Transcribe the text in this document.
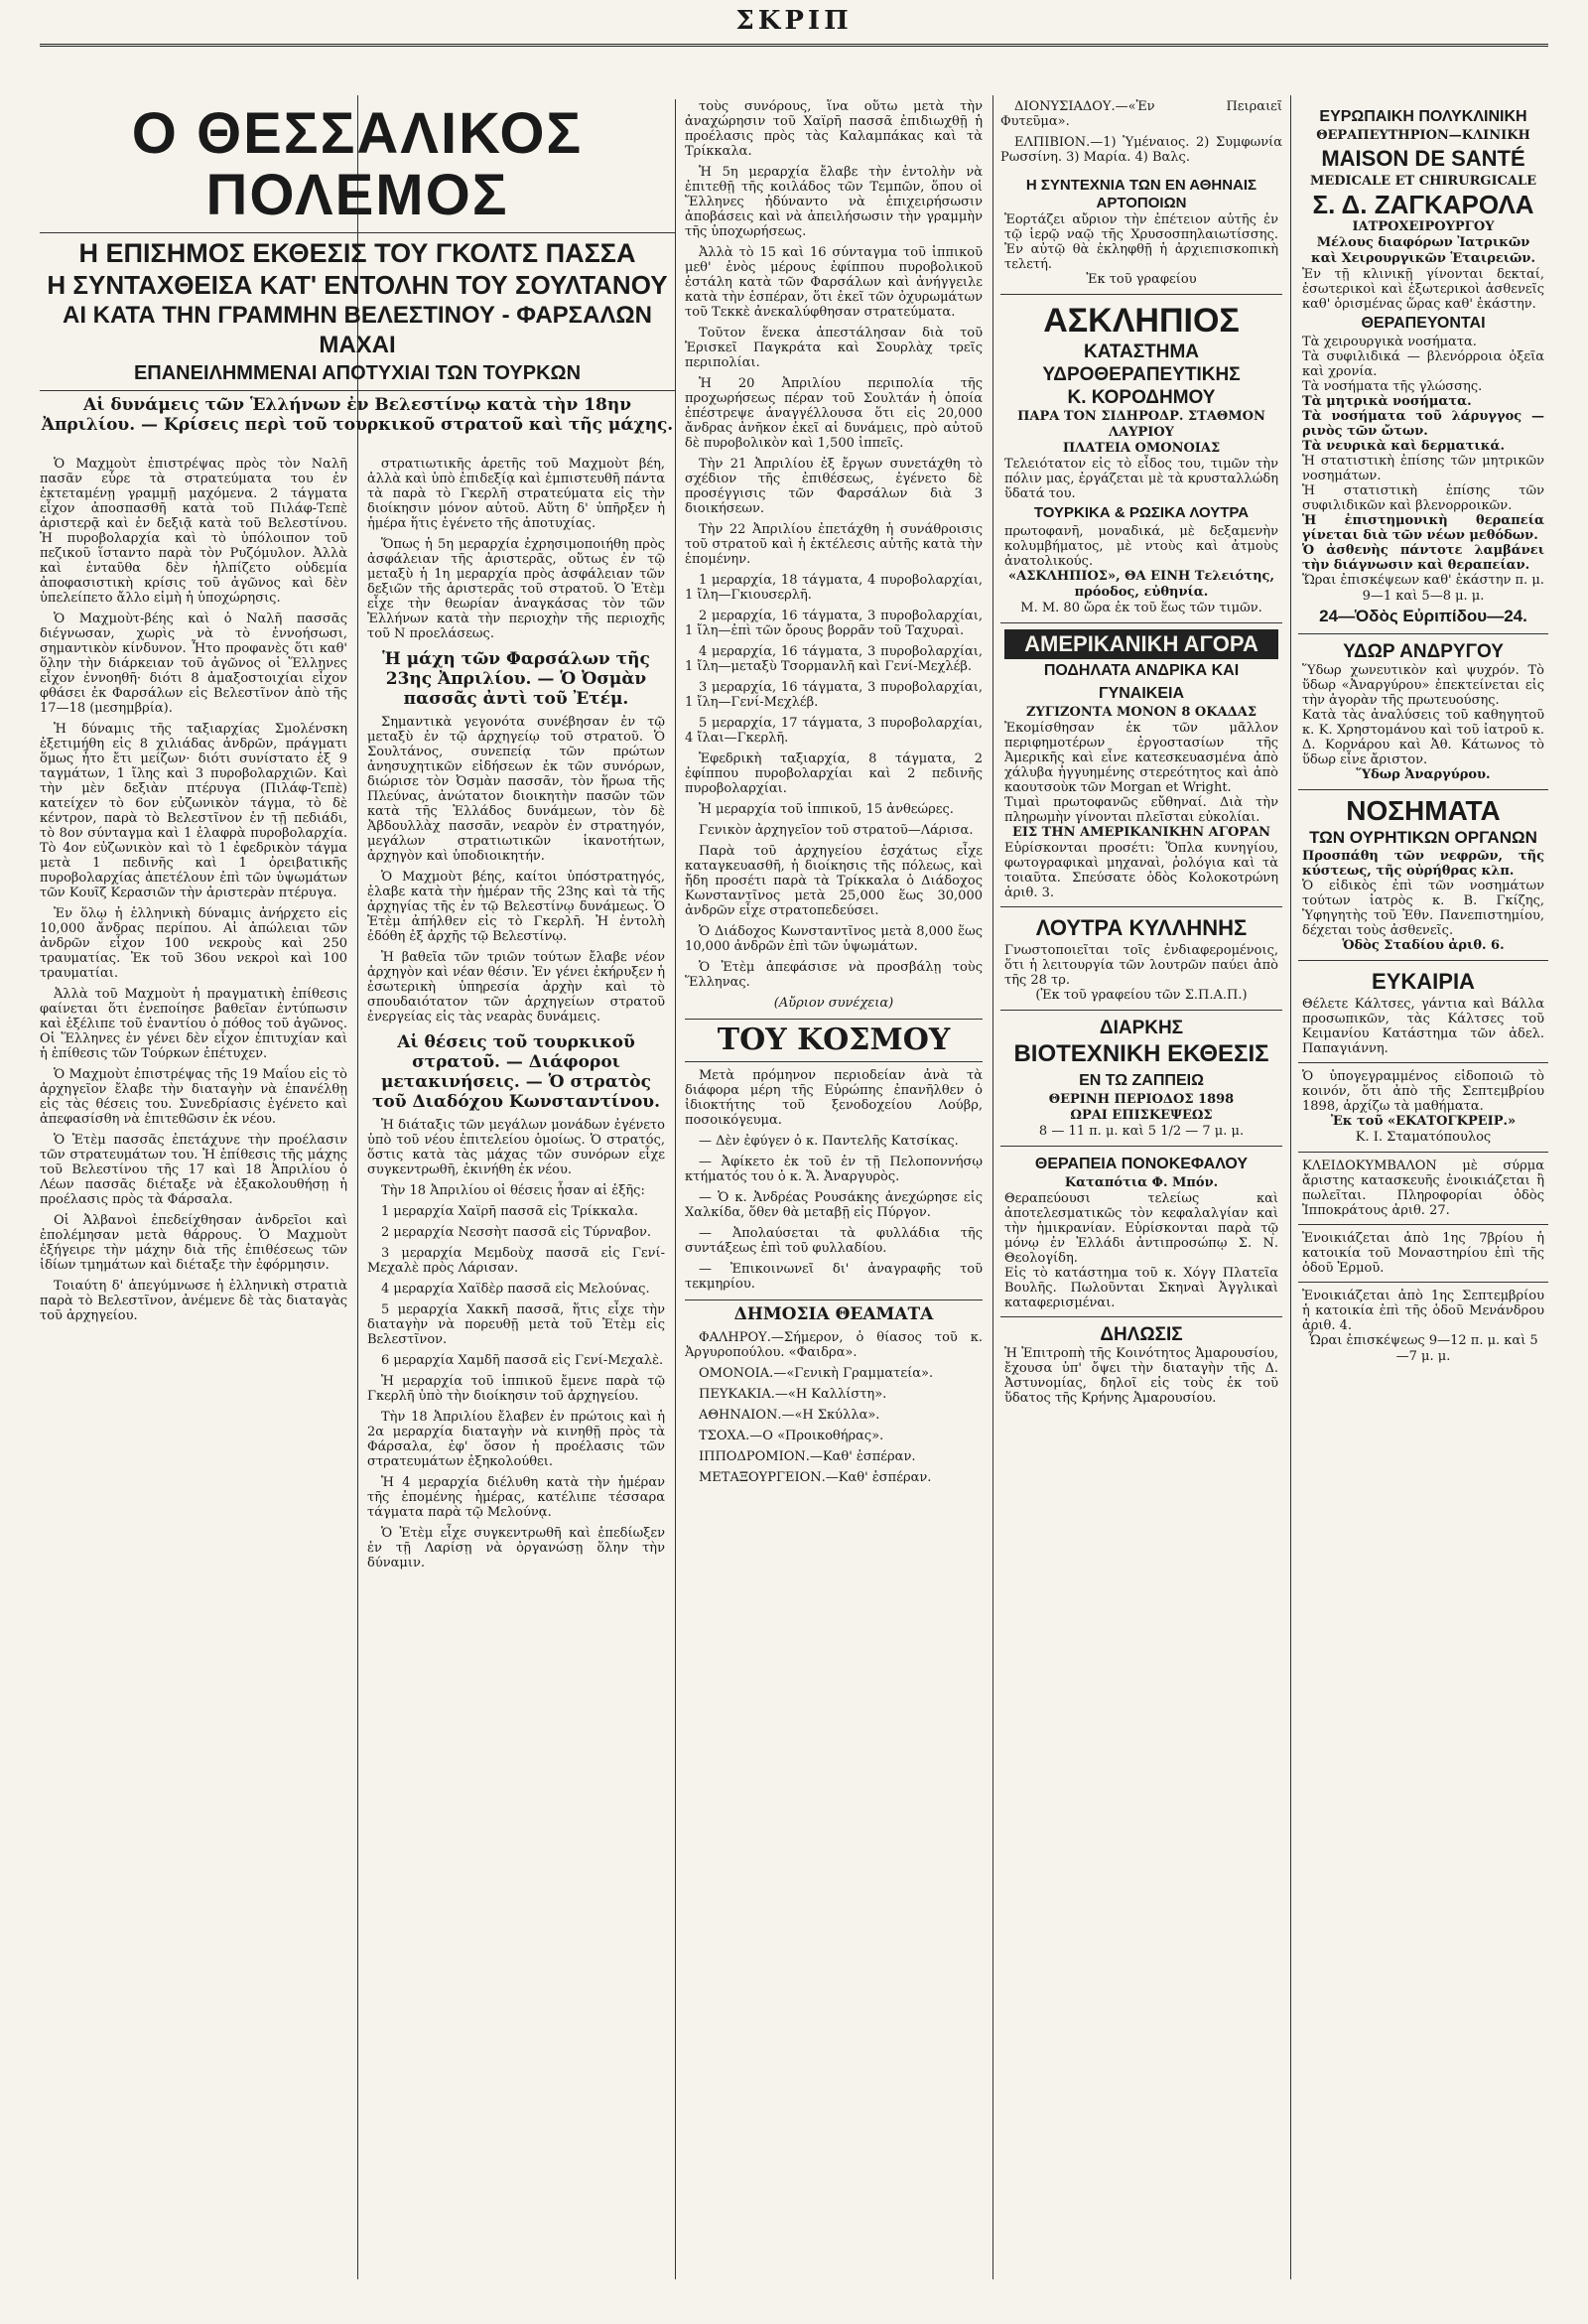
ΣΚΡΙΠ
Ο ΘΕΣΣΑΛΙΚΟΣ ΠΟΛΕΜΟΣ
Η ΕΠΙΣΗΜΟΣ ΕΚΘΕΣΙΣ ΤΟΥ ΓΚΟΛΤΣ ΠΑΣΣΑ
Η ΣΥΝΤΑΧΘΕΙΣΑ ΚΑΤ' ΕΝΤΟΛΗΝ ΤΟΥ ΣΟΥΛΤΑΝΟΥ
ΑΙ ΚΑΤΑ ΤΗΝ ΓΡΑΜΜΗΝ ΒΕΛΕΣΤΙΝΟΥ - ΦΑΡΣΑΛΩΝ ΜΑΧΑΙ
ΕΠΑΝΕΙΛΗΜΜΕΝΑΙ ΑΠΟΤΥΧΙΑΙ ΤΩΝ ΤΟΥΡΚΩΝ
Αἱ δυνάμεις τῶν Ἑλλήνων ἐν Βελεστίνῳ κατὰ τὴν 18ην Ἀπριλίου. — Κρίσεις περὶ τοῦ τουρκικοῦ στρατοῦ καὶ τῆς μάχης.

Ὁ Μαχμοὺτ ἐπιστρέψας πρὸς τὸν Ναλῆ πασᾶν εὗρε τὰ στρατεύματα του ἐν ἐκτεταμένῃ γραμμῇ μαχόμενα. 2 τάγματα εἶχον ἀποσπασθῆ κατὰ τοῦ Πιλάφ-Τεπὲ ἀριστερᾷ καὶ ἐν δεξιᾷ κατὰ τοῦ Βελεστίνου. Ἡ πυροβολαρχία καὶ τὸ ὑπόλοιπον τοῦ πεζικοῦ ἵσταντο παρὰ τὸν Ρυζόμυλον. Ἀλλὰ καὶ ἐνταῦθα δὲν ἠλπίζετο οὐδεμία ἀποφασιστικὴ κρίσις τοῦ ἀγῶνος καὶ δὲν ὑπελείπετο ἄλλο εἰμὴ ἡ ὑποχώρησις.

Ὁ Μαχμοὺτ-βέης καὶ ὁ Ναλῆ πασσᾶς διέγνωσαν, χωρὶς νὰ τὸ ἐννοήσωσι, σημαντικὸν κίνδυνον. Ἦτο προφανὲς ὅτι καθ' ὅλην τὴν διάρκειαν τοῦ ἀγῶνος οἱ Ἕλληνες εἶχον ἐννοηθῆ· διότι 8 ἀμαξοστοιχίαι εἶχον φθάσει ἐκ Φαρσάλων εἰς Βελεστῖνον ἀπὸ τῆς 17—18 (μεσημβρία).

Ἡ δύναμις τῆς ταξιαρχίας Σμολένσκη ἐξετιμήθη εἰς 8 χιλιάδας ἀνδρῶν, πράγματι ὅμως ἦτο ἔτι μείζων· διότι συνίστατο ἐξ 9 ταγμάτων, 1 ἴλης καὶ 3 πυροβολαρχιῶν. Καὶ τὴν μὲν δεξιὰν πτέρυγα (Πιλάφ-Τεπὲ) κατείχεν τὸ 6ον εὐζωνικὸν τάγμα, τὸ δὲ κέντρον, παρὰ τὸ Βελεστῖνον ἐν τῇ πεδιάδι, τὸ 8ον σύνταγμα καὶ 1 ἐλαφρὰ πυροβολαρχία. Τὸ 4ον εὐζωνικὸν καὶ τὸ 1 ἐφεδρικὸν τάγμα μετὰ 1 πεδινῆς καὶ 1 ὀρειβατικῆς πυροβολαρχίας ἀπετέλουν ἐπὶ τῶν ὑψωμάτων τῶν Κουῖζ Κερασιῶν τὴν ἀριστερὰν πτέρυγα.

Ἐν ὅλῳ ἡ ἑλληνικὴ δύναμις ἀνήρχετο εἰς 10,000 ἄνδρας περίπου. Αἱ ἀπώλειαι τῶν ἀνδρῶν εἶχον 100 νεκροὺς καὶ 250 τραυματίας. Ἐκ τοῦ 36ου νεκροὶ καὶ 100 τραυματίαι.

Ἀλλὰ τοῦ Μαχμοὺτ ἡ πραγματικὴ ἐπίθεσις φαίνεται ὅτι ἐνεποίησε βαθεῖαν ἐντύπωσιν καὶ ἐξέλιπε τοῦ ἐναντίου ὁ πόθος τοῦ ἀγῶνος. Οἱ Ἕλληνες ἐν γένει δὲν εἶχον ἐπιτυχίαν καὶ ἡ ἐπίθεσις τῶν Τούρκων ἐπέτυχεν.

Ὁ Μαχμοὺτ ἐπιστρέψας τῆς 19 Μαΐου εἰς τὸ ἀρχηγεῖον ἔλαβε τὴν διαταγὴν νὰ ἐπανέλθῃ εἰς τὰς θέσεις του. Συνεδρίασις ἐγένετο καὶ ἀπεφασίσθη νὰ ἐπιτεθῶσιν ἐκ νέου.

Ὁ Ἐτὲμ πασσᾶς ἐπετάχυνε τὴν προέλασιν τῶν στρατευμάτων του. Ἡ ἐπίθεσις τῆς μάχης τοῦ Βελεστίνου τῆς 17 καὶ 18 Ἀπριλίου ὁ Λέων πασσᾶς διέταξε νὰ ἐξακολουθήσῃ ἡ προέλασις πρὸς τὰ Φάρσαλα.

Οἱ Ἀλβανοὶ ἐπεδείχθησαν ἀνδρεῖοι καὶ ἐπολέμησαν μετὰ θάρρους. Ὁ Μαχμοὺτ ἐξήγειρε τὴν μάχην διὰ τῆς ἐπιθέσεως τῶν ἰδίων τμημάτων καὶ διέταξε τὴν ἐφόρμησιν.

Τοιαύτη δ' ἀπεγύμνωσε ἡ ἑλληνικὴ στρατιὰ παρὰ τὸ Βελεστῖνον, ἀνέμενε δὲ τὰς διαταγὰς τοῦ ἀρχηγείου.

στρατιωτικῆς ἀρετῆς τοῦ Μαχμοὺτ βέη, ἀλλὰ καὶ ὑπὸ ἐπιδεξίᾳ καὶ ἐμπιστευθῆ πάντα τὰ παρὰ τὸ Γκερλῆ στρατεύματα εἰς τὴν διοίκησιν μόνον αὐτοῦ. Αὕτη δ' ὑπῆρξεν ἡ ἡμέρα ἥτις ἐγένετο τῆς ἀποτυχίας.

Ὅπως ἡ 5η μεραρχία ἐχρησιμοποιήθη πρὸς ἀσφάλειαν τῆς ἀριστερᾶς, οὕτως ἐν τῷ μεταξὺ ἡ 1η μεραρχία πρὸς ἀσφάλειαν τῶν δεξιῶν τῆς ἀριστερᾶς τοῦ στρατοῦ. Ὁ Ἐτὲμ εἶχε τὴν θεωρίαν ἀναγκάσας τὸν τῶν Ἑλλήνων κατὰ τὴν περιοχὴν τῆς περιοχῆς τοῦ Ν προελάσεως.

Ἡ μάχη τῶν Φαρσάλων τῆς 23ης Ἀπριλίου. — Ὁ Ὀσμὰν πασσᾶς ἀντὶ τοῦ Ἐτέμ.

Σημαντικὰ γεγονότα συνέβησαν ἐν τῷ μεταξὺ ἐν τῷ ἀρχηγείῳ τοῦ στρατοῦ. Ὁ Σουλτάνος, συνεπείᾳ τῶν πρώτων ἀνησυχητικῶν εἰδήσεων ἐκ τῶν συνόρων, διώρισε τὸν Ὀσμὰν πασσᾶν, τὸν ἥρωα τῆς Πλεύνας, ἀνώτατον διοικητὴν πασῶν τῶν κατὰ τῆς Ἑλλάδος δυνάμεων, τὸν δὲ Ἀβδουλλὰχ πασσᾶν, νεαρὸν ἐν στρατηγόν, μεγάλων στρατιωτικῶν ἱκανοτήτων, ἀρχηγὸν καὶ ὑποδιοικητήν.

Ὁ Μαχμοὺτ βέης, καίτοι ὑπόστρατηγός, ἐλαβε κατὰ τὴν ἡμέραν τῆς 23ης καὶ τὰ τῆς ἀρχηγίας τῆς ἐν τῷ Βελεστίνῳ δυνάμεως. Ὁ Ἐτὲμ ἀπήλθεν εἰς τὸ Γκερλῆ. Ἡ ἐντολὴ ἐδόθη ἐξ ἀρχῆς τῷ Βελεστίνῳ.

Ἡ βαθεῖα τῶν τριῶν τούτων ἔλαβε νέον ἀρχηγὸν καὶ νέαν θέσιν. Ἐν γένει ἐκήρυξεν ἡ ἐσωτερικὴ ὑπηρεσία ἀρχὴν καὶ τὸ σπουδαιότατον τῶν ἀρχηγείων στρατοῦ ἐνεργείας εἰς τὰς νεαρὰς δυνάμεις.

Αἱ θέσεις τοῦ τουρκικοῦ στρατοῦ. — Διάφοροι μετακινήσεις. — Ὁ στρατὸς τοῦ Διαδόχου Κωνσταντίνου.

Ἡ διάταξις τῶν μεγάλων μονάδων ἐγένετο ὑπὸ τοῦ νέου ἐπιτελείου ὁμοίως. Ὁ στρατός, ὅστις κατὰ τὰς μάχας τῶν συνόρων εἶχε συγκεντρωθῆ, ἐκινήθη ἐκ νέου.

Τὴν 18 Ἀπριλίου οἱ θέσεις ἦσαν αἱ ἑξῆς:

1 μεραρχία Χαϊρῆ πασσᾶ εἰς Τρίκκαλα.

2 μεραρχία Νεσσὴτ πασσᾶ εἰς Τύρναβον.

3 μεραρχία Μεμδοὺχ πασσᾶ εἰς Γενί-Μεχαλὲ πρὸς Λάρισαν.

4 μεραρχία Χαϊδὲρ πασσᾶ εἰς Μελούνας.

5 μεραρχία Χακκῆ πασσᾶ, ἥτις εἶχε τὴν διαταγὴν νὰ πορευθῇ μετὰ τοῦ Ἐτὲμ εἰς Βελεστῖνον.

6 μεραρχία Χαμδῆ πασσᾶ εἰς Γενί-Μεχαλὲ.

Ἡ μεραρχία τοῦ ἱππικοῦ ἔμενε παρὰ τῷ Γκερλῆ ὑπὸ τὴν διοίκησιν τοῦ ἀρχηγείου.

Τὴν 18 Ἀπριλίου ἔλαβεν ἐν πρώτοις καὶ ἡ 2α μεραρχία διαταγὴν νὰ κινηθῇ πρὸς τὰ Φάρσαλα, ἐφ' ὅσον ἡ προέλασις τῶν στρατευμάτων ἐξηκολούθει.

Ἡ 4 μεραρχία διέλυθη κατὰ τὴν ἡμέραν τῆς ἐπομένης ἡμέρας, κατέλιπε τέσσαρα τάγματα παρὰ τῷ Μελούνᾳ.

Ὁ Ἐτὲμ εἶχε συγκεντρωθῆ καὶ ἐπεδίωξεν ἐν τῇ Λαρίσῃ νὰ ὀργανώσῃ ὅλην τὴν δύναμιν.

τοὺς συνόρους, ἵνα οὕτω μετὰ τὴν ἀναχώρησιν τοῦ Χαϊρῆ πασσᾶ ἐπιδιωχθῇ ἡ προέλασις πρὸς τὰς Καλαμπάκας καὶ τὰ Τρίκκαλα.

Ἡ 5η μεραρχία ἔλαβε τὴν ἐντολὴν νὰ ἐπιτεθῇ τῆς κοιλάδος τῶν Τεμπῶν, ὅπου οἱ Ἕλληνες ἠδύναντο νὰ ἐπιχειρήσωσιν ἀποβάσεις καὶ νὰ ἀπειλήσωσιν τὴν γραμμὴν τῆς ὑποχωρήσεως.

Ἀλλὰ τὸ 15 καὶ 16 σύνταγμα τοῦ ἱππικοῦ μεθ' ἑνὸς μέρους ἐφίππου πυροβολικοῦ ἐστάλη κατὰ τῶν Φαρσάλων καὶ ἀνήγγειλε κατὰ τὴν ἑσπέραν, ὅτι ἐκεῖ τῶν ὀχυρωμάτων τοῦ Τεκκὲ ἀνεκαλύφθησαν στρατεύματα.

Τοῦτον ἕνεκα ἀπεστάλησαν διὰ τοῦ Ἐρισκεῖ Παγκράτα καὶ Σουρλὰχ τρεῖς περιπολίαι.

Ἡ 20 Ἀπριλίου περιπολία τῆς προχωρήσεως πέραν τοῦ Σουλτάν ἡ ὁποία ἐπέστρεψε ἀναγγέλλουσα ὅτι εἰς 20,000 ἄνδρας ἀνῆκον ἐκεῖ αἱ δυνάμεις, πρὸ αὐτοῦ δὲ πυροβολικὸν καὶ 1,500 ἱππεῖς.

Τὴν 21 Ἀπριλίου ἐξ ἔργων συνετάχθη τὸ σχέδιον τῆς ἐπιθέσεως, ἐγένετο δὲ προσέγγισις τῶν Φαρσάλων διὰ 3 διοικήσεων.

Τὴν 22 Ἀπριλίου ἐπετάχθη ἡ συνάθροισις τοῦ στρατοῦ καὶ ἡ ἐκτέλεσις αὐτῆς κατὰ τὴν ἑπομένην.

1 μεραρχία, 18 τάγματα, 4 πυροβολαρχίαι, 1 ἴλη—Γκιουσερλῆ.

2 μεραρχία, 16 τάγματα, 3 πυροβολαρχίαι, 1 ἴλη—ἐπὶ τῶν ὄρους βορρᾶν τοῦ Ταχυραὶ.

4 μεραρχία, 16 τάγματα, 3 πυροβολαρχίαι, 1 ἴλη—μεταξὺ Τσορμανλῆ καὶ Γενί-Μεχλέβ.

3 μεραρχία, 16 τάγματα, 3 πυροβολαρχίαι, 1 ἴλη—Γενί-Μεχλέβ.

5 μεραρχία, 17 τάγματα, 3 πυροβολαρχίαι, 4 ἴλαι—Γκερλῆ.

Ἐφεδρικὴ ταξιαρχία, 8 τάγματα, 2 ἐφίππου πυροβολαρχίαι καὶ 2 πεδινῆς πυροβολαρχίαι.

Ἡ μεραρχία τοῦ ἱππικοῦ, 15 ἀνθεώρες.

Γενικὸν ἀρχηγεῖον τοῦ στρατοῦ—Λάρισα.

Παρὰ τοῦ ἀρχηγείου ἐσχάτως εἶχε καταγκευασθῆ, ἡ διοίκησις τῆς πόλεως, καὶ ἤδη προσέτι παρὰ τὰ Τρίκκαλα ὁ Διάδοχος Κωνσταντῖνος μετὰ 25,000 ἕως 30,000 ἀνδρῶν εἶχε στρατοπεδεύσει.

Ὁ Διάδοχος Κωνσταντῖνος μετὰ 8,000 ἕως 10,000 ἀνδρῶν ἐπὶ τῶν ὑψωμάτων.

Ὁ Ἐτὲμ ἀπεφάσισε νὰ προσβάλῃ τοὺς Ἕλληνας.

(Αὔριον συνέχεια)
ΤΟΥ ΚΟΣΜΟΥ

Μετὰ πρόμηνον περιοδείαν ἀνὰ τὰ διάφορα μέρη τῆς Εὐρώπης ἐπανῆλθεν ὁ ἰδιοκτήτης τοῦ ξενοδοχείου Λούβρ, ποσοικόγευμα.

— Δὲν ἐφύγεν ὁ κ. Παντελῆς Κατσίκας.

— Ἀφίκετο ἐκ τοῦ ἐν τῇ Πελοποννήσῳ κτήματός του ὁ κ. Ἄ. Ἀναργυρὸς.

— Ὁ κ. Ἀνδρέας Ρουσάκης ἀνεχώρησε εἰς Χαλκίδα, ὅθεν θὰ μεταβῇ εἰς Πύργον.

— Ἀπολαύσεται τὰ φυλλάδια τῆς συντάξεως ἐπὶ τοῦ φυλλαδίου.

— Ἐπικοινωνεῖ δι' ἀναγραφῆς τοῦ τεκμηρίου.

ΔΗΜΟΣΙΑ ΘΕΑΜΑΤΑ

ΦΑΛΗΡΟΥ.—Σήμερον, ὁ θίασος τοῦ κ. Ἀργυροπούλου. «Φαιδρα».

ΟΜΟΝΟΙΑ.—«Γενικὴ Γραμματεία».

ΠΕΥΚΑΚΙΑ.—«Η Καλλίστη».

ΑΘΗΝΑΙΟΝ.—«Η Σκύλλα».

ΤΣΟΧΑ.—Ο «Προικοθήρας».

ΙΠΠΟΔΡΟΜΙΟΝ.—Καθ' ἑσπέραν.

ΜΕΤΑΞΟΥΡΓΕΙΟΝ.—Καθ' ἑσπέραν.

ΔΙΟΝΥΣΙΑΔΟΥ.—«Ἐν Πειραιεῖ Φυτεῦμα».

ΕΛΠΙΒΙΟΝ.—1) Ὑμέναιος. 2) Συμφωνία Ρωσσίνη. 3) Μαρία. 4) Βαλς.

Η ΣΥΝΤΕΧΝΙΑ ΤΩΝ ΕΝ ΑΘΗΝΑΙΣ ΑΡΤΟΠΟΙΩΝ
Ἑορτάζει αὔριον τὴν ἐπέτειον αὐτῆς ἐν τῷ ἱερῷ ναῷ τῆς Χρυσοσπηλαιωτίσσης. Ἐν αὐτῷ θὰ ἐκληφθῇ ἡ ἀρχιεπισκοπικὴ τελετή.
Ἐκ τοῦ γραφείου
ΑΣΚΛΗΠΙΟΣ
ΚΑΤΑΣΤΗΜΑ ΥΔΡΟΘΕΡΑΠΕΥΤΙΚΗΣ
Κ. ΚΟΡΟΔΗΜΟΥ
ΠΑΡΑ ΤΟΝ ΣΙΔΗΡΟΔΡ. ΣΤΑΘΜΟΝ ΛΑΥΡΙΟΥ
ΠΛΑΤΕΙΑ ΟΜΟΝΟΙΑΣ
Τελειότατον εἰς τὸ εἶδος του, τιμῶν τὴν πόλιν μας, ἐργάζεται μὲ τὰ κρυσταλλώδη ὕδατά του.
ΤΟΥΡΚΙΚΑ & ΡΩΣΙΚΑ ΛΟΥΤΡΑ
πρωτοφανῆ, μοναδικά, μὲ δεξαμενὴν κολυμβήματος, μὲ ντοὺς καὶ ἀτμοὺς ἀνατολικούς.
«ΑΣΚΛΗΠΙΟΣ», ΘΑ ΕΙΝΗ Τελειότης, πρόοδος, εὐθηνία.
Μ. Μ. 80 ὥρα ἐκ τοῦ ἕως τῶν τιμῶν.
ΑΜΕΡΙΚΑΝΙΚΗ ΑΓΟΡΑ
ΠΟΔΗΛΑΤΑ ΑΝΔΡΙΚΑ ΚΑΙ ΓΥΝΑΙΚΕΙΑ
ΖΥΓΙΖΟΝΤΑ ΜΟΝΟΝ 8 ΟΚΑΔΑΣ
Ἐκομίσθησαν ἐκ τῶν μᾶλλον περιφημοτέρων ἐργοστασίων τῆς Ἀμερικῆς καὶ εἶνε κατεσκευασμένα ἀπὸ χάλυβα ἠγγυημένης στερεότητος καὶ ἀπὸ καουτσοὺκ τῶν Morgan et Wright.
Τιμαὶ πρωτοφανῶς εὔθηναί. Διὰ τὴν πληρωμὴν γίνονται πλεῖσται εὐκολίαι.
ΕΙΣ ΤΗΝ ΑΜΕΡΙΚΑΝΙΚΗΝ ΑΓΟΡΑΝ
Εὑρίσκονται προσέτι: Ὅπλα κυνηγίου, φωτογραφικαὶ μηχαναὶ, ῥολόγια καὶ τὰ τοιαῦτα. Σπεύσατε ὁδὸς Κολοκοτρώνη ἀριθ. 3.
ΛΟΥΤΡΑ ΚΥΛΛΗΝΗΣ
Γνωστοποιεῖται τοῖς ἐνδιαφερομένοις, ὅτι ἡ λειτουργία τῶν λουτρῶν παύει ἀπὸ τῆς 28 τρ.
(Ἐκ τοῦ γραφείου τῶν Σ.Π.Α.Π.)
ΔΙΑΡΚΗΣ
ΒΙΟΤΕΧΝΙΚΗ ΕΚΘΕΣΙΣ
ΕΝ ΤΩ ΖΑΠΠΕΙΩ
ΘΕΡΙΝΗ ΠΕΡΙΟΔΟΣ 1898
ΩΡΑΙ ΕΠΙΣΚΕΨΕΩΣ
8 — 11 π. μ. καὶ 5 1/2 — 7 μ. μ.
ΘΕΡΑΠΕΙΑ ΠΟΝΟΚΕΦΑΛΟΥ
Καταπότια Φ. Μπόν.
Θεραπεύουσι τελείως καὶ ἀποτελεσματικῶς τὸν κεφαλαλγίαν καὶ τὴν ἡμικρανίαν. Εὑρίσκονται παρὰ τῷ μόνῳ ἐν Ἑλλάδι ἀντιπροσώπῳ Σ. Ν. Θεολογίδη.
Εἰς τὸ κατάστημα τοῦ κ. Χόγγ Πλατεῖα Βουλῆς. Πωλοῦνται Σκηναὶ Ἀγγλικαὶ καταφερισμέναι.
ΔΗΛΩΣΙΣ
Ἡ Ἐπιτροπὴ τῆς Κοινότητος Ἀμαρουσίου, ἔχουσα ὑπ' ὄψει τὴν διαταγὴν τῆς Δ. Ἀστυνομίας, δηλοῖ εἰς τοὺς ἐκ τοῦ ὕδατος τῆς Κρήνης Ἀμαρουσίου.
ΕΥΡΩΠΑΙΚΗ ΠΟΛΥΚΛΙΝΙΚΗ
ΘΕΡΑΠΕΥΤΗΡΙΟΝ—ΚΛΙΝΙΚΗ
MAISON DE SANTÉ
MEDICALE ET CHIRURGICALE
Σ. Δ. ΖΑΓΚΑΡΟΛΑ
ΙΑΤΡΟΧΕΙΡΟΥΡΓΟΥ
Μέλους διαφόρων Ἰατρικῶν καὶ Χειρουργικῶν Ἑταιρειῶν.
Ἐν τῇ κλινικῇ γίνονται δεκταί, ἐσωτερικοὶ καὶ ἐξωτερικοὶ ἀσθενεῖς καθ' ὁρισμένας ὥρας καθ' ἑκάστην.
ΘΕΡΑΠΕΥΟΝΤΑΙ
Τὰ χειρουργικὰ νοσήματα.
Τὰ συφιλιδικά — βλενόρροια ὀξεῖα καὶ χρονία.
Τὰ νοσήματα τῆς γλώσσης.
Τὰ μητρικὰ νοσήματα.
Τὰ νοσήματα τοῦ λάρυγγος — ρινὸς τῶν ὤτων.
Τὰ νευρικὰ καὶ δερματικά.
Ἡ στατιστικὴ ἐπίσης τῶν μητρικῶν νοσημάτων.
Ἡ στατιστικὴ ἐπίσης τῶν συφιλιδικῶν καὶ βλενορροικῶν.
Ἡ ἐπιστημονικὴ θεραπεία γίνεται διὰ τῶν νέων μεθόδων.
Ὁ ἀσθενὴς πάντοτε λαμβάνει τὴν διάγνωσιν καὶ θεραπείαν.
Ὥραι ἐπισκέψεων καθ' ἑκάστην π. μ. 9—1 καὶ 5—8 μ. μ.
24—Ὁδὸς Εὐριπίδου—24.
ΥΔΩΡ ΑΝΔΡΥΓΟΥ
Ὕδωρ χωνευτικὸν καὶ ψυχρόν. Τὸ ὕδωρ «Ἀναργύρου» ἐπεκτείνεται εἰς τὴν ἀγορὰν τῆς πρωτευούσης.
Κατὰ τὰς ἀναλύσεις τοῦ καθηγητοῦ κ. Κ. Χρηστομάνου καὶ τοῦ ἰατροῦ κ. Δ. Κορνάρου καὶ Ἀθ. Κάτωνος τὸ ὕδωρ εἶνε ἄριστον.
Ὕδωρ Ἀναργύρου.
ΝΟΣΗΜΑΤΑ
ΤΩΝ ΟΥΡΗΤΙΚΩΝ ΟΡΓΑΝΩΝ
Προσπάθη τῶν νεφρῶν, τῆς κύστεως, τῆς οὐρήθρας κλπ.
Ὁ εἰδικὸς ἐπὶ τῶν νοσημάτων τούτων ἰατρὸς κ. Β. Γκίζης, Ὑφηγητὴς τοῦ Ἐθν. Πανεπιστημίου, δέχεται τοὺς ἀσθενεῖς.
Ὁδὸς Σταδίου ἀριθ. 6.
ΕΥΚΑΙΡΙΑ
Θέλετε Κάλτσες, γάντια καὶ Βάλλα προσωπικῶν, τὰς Κάλτσες τοῦ Κειμανίου Κατάστημα τῶν ἀδελ. Παπαγιάννη.
Ὁ ὑπογεγραμμένος εἰδοποιῶ τὸ κοινόν, ὅτι ἀπὸ τῆς Σεπτεμβρίου 1898, ἀρχίζω τὰ μαθήματα.
Ἐκ τοῦ «ΕΚΑΤΟΓΚΡΕΙΡ.»
Κ. Ι. Σταματόπουλος
ΚΛΕΙΔΟΚΥΜΒΑΛΟΝ μὲ σύρμα ἄριστης κατασκευῆς ἐνοικιάζεται ἢ πωλεῖται. Πληροφορίαι ὁδὸς Ἱπποκράτους ἀριθ. 27.
Ἐνοικιάζεται ἀπὸ 1ης 7βρίου ἡ κατοικία τοῦ Μοναστηρίου ἐπὶ τῆς ὁδοῦ Ἑρμοῦ.
Ἐνοικιάζεται ἀπὸ 1ης Σεπτεμβρίου ἡ κατοικία ἐπὶ τῆς ὁδοῦ Μενάνδρου ἀριθ. 4.
Ὧραι ἐπισκέψεως 9—12 π. μ. καὶ 5—7 μ. μ.
